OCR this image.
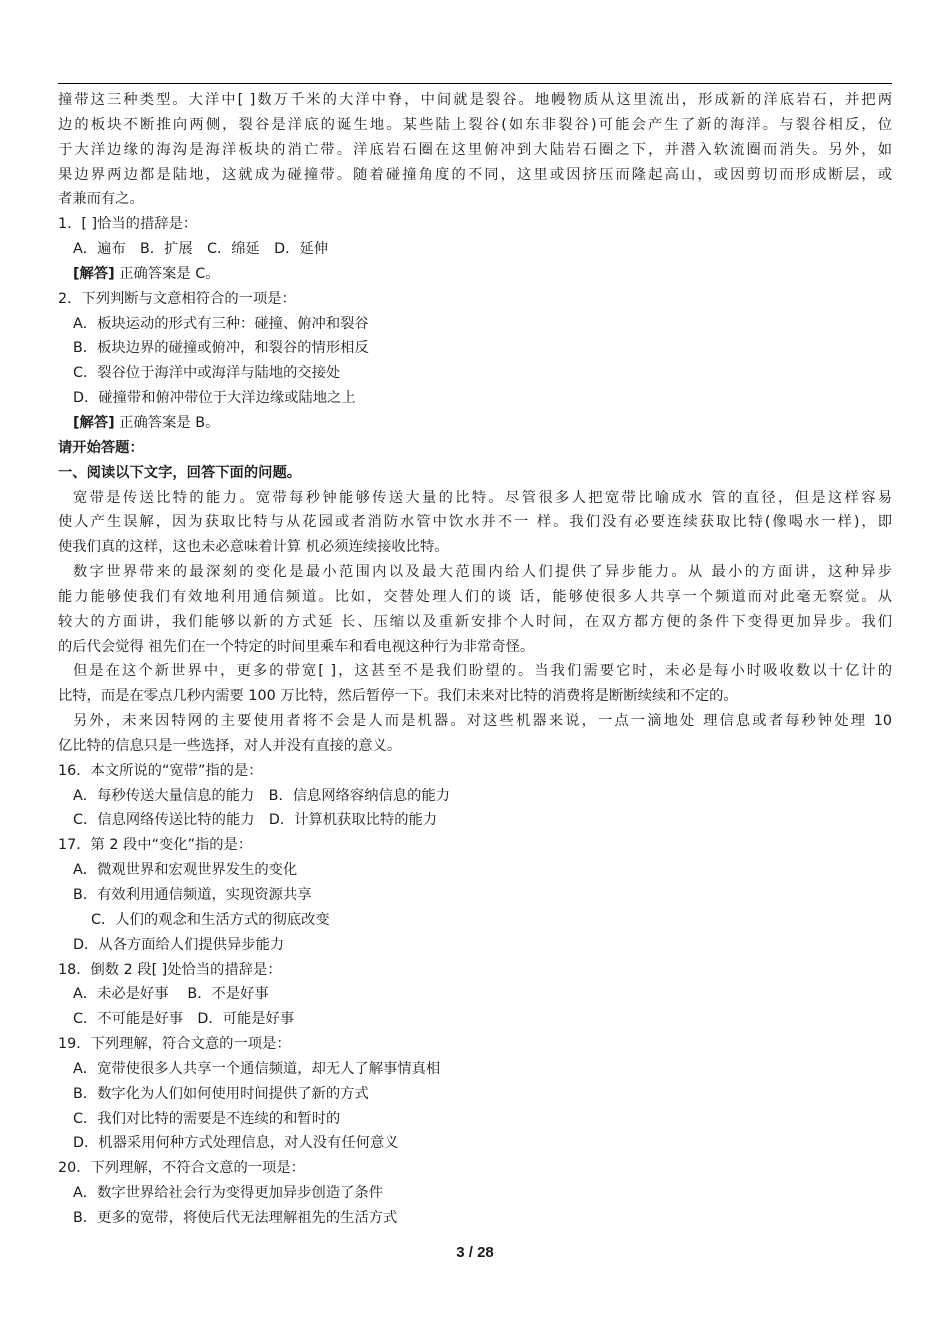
撞带这三种类型。大洋中[ ]数万千米的大洋中脊，中间就是裂谷。地幔物质从这里流出，形成新的洋底岩石，并把两
边的板块不断推向两侧，裂谷是洋底的诞生地。某些陆上裂谷(如东非裂谷)可能会产生了新的海洋。与裂谷相反，位
于大洋边缘的海沟是海洋板块的消亡带。洋底岩石圈在这里俯冲到大陆岩石圈之下，并潜入软流圈而消失。另外，如
果边界两边都是陆地，这就成为碰撞带。随着碰撞角度的不同，这里或因挤压而隆起高山，或因剪切而形成断层，或
者兼而有之。
1．[ ]恰当的措辞是：
A．遍布　B．扩展　C．绵延　D．延伸
[解答] 正确答案是 C。
2．下列判断与文意相符合的一项是：
A．板块运动的形式有三种：碰撞、俯冲和裂谷
B．板块边界的碰撞或俯冲，和裂谷的情形相反
C．裂谷位于海洋中或海洋与陆地的交接处
D．碰撞带和俯冲带位于大洋边缘或陆地之上
[解答] 正确答案是 B。
请开始答题：
一、阅读以下文字，回答下面的问题。
宽带是传送比特的能力。宽带每秒钟能够传送大量的比特。尽管很多人把宽带比喻成水 管的直径，但是这样容易
使人产生误解，因为获取比特与从花园或者消防水管中饮水并不一 样。我们没有必要连续获取比特(像喝水一样)，即
使我们真的这样，这也未必意味着计算 机必须连续接收比特。
数字世界带来的最深刻的变化是最小范围内以及最大范围内给人们提供了异步能力。从 最小的方面讲，这种异步
能力能够使我们有效地利用通信频道。比如，交替处理人们的谈 话，能够使很多人共享一个频道而对此毫无察觉。从
较大的方面讲，我们能够以新的方式延 长、压缩以及重新安排个人时间，在双方都方便的条件下变得更加异步。我们
的后代会觉得 祖先们在一个特定的时间里乘车和看电视这种行为非常奇怪。
但是在这个新世界中，更多的带宽[ ]，这甚至不是我们盼望的。当我们需要它时，未必是每小时吸收数以十亿计的
比特，而是在零点几秒内需要 100 万比特，然后暂停一下。我们未来对比特的消费将是断断续续和不定的。
另外，未来因特网的主要使用者将不会是人而是机器。对这些机器来说，一点一滴地处 理信息或者每秒钟处理 10
亿比特的信息只是一些选择，对人并没有直接的意义。
16．本文所说的“宽带”指的是：
A．每秒传送大量信息的能力　B．信息网络容纳信息的能力
C．信息网络传送比特的能力　D．计算机获取比特的能力
17．第 2 段中“变化”指的是：
A．微观世界和宏观世界发生的变化
B．有效利用通信频道，实现资源共享
C．人们的观念和生活方式的彻底改变
D．从各方面给人们提供异步能力
18．倒数 2 段[ ]处恰当的措辞是：
A．未必是好事　 B．不是好事
C．不可能是好事　D．可能是好事
19．下列理解，符合文意的一项是：
A．宽带使很多人共享一个通信频道，却无人了解事情真相
B．数字化为人们如何使用时间提供了新的方式
C．我们对比特的需要是不连续的和暂时的
D．机器采用何种方式处理信息，对人没有任何意义
20．下列理解，不符合文意的一项是：
A．数字世界给社会行为变得更加异步创造了条件
B．更多的宽带，将使后代无法理解祖先的生活方式
3 / 28
